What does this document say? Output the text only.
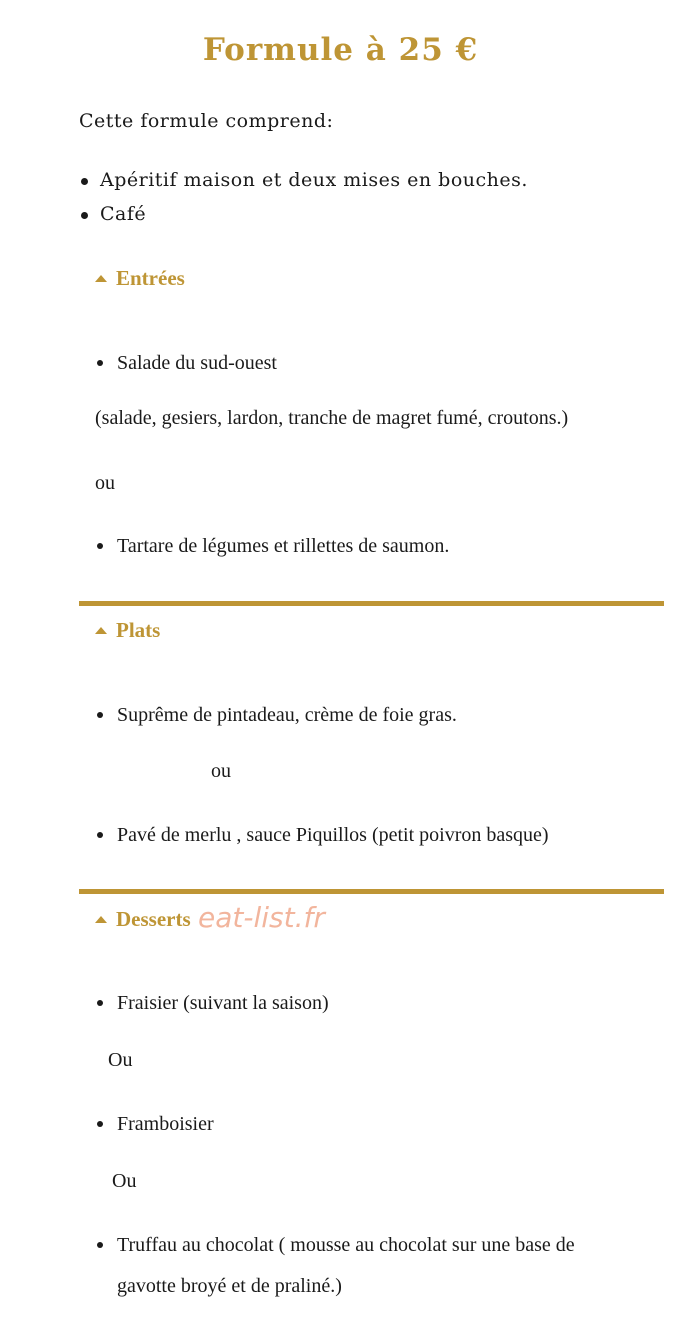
Formule à 25 €
Cette formule comprend:
Apéritif maison et deux mises en bouches.
Café
Entrées
Salade du sud-ouest
(salade, gesiers, lardon, tranche de magret fumé, croutons.)
ou
Tartare de légumes et rillettes de saumon.
Plats
Suprême de pintadeau, crème de foie gras.
ou
Pavé de merlu , sauce Piquillos (petit poivron basque)
Desserts eat-list.fr
Fraisier (suivant la saison)
Ou
Framboisier
Ou
Truffau au chocolat ( mousse au chocolat sur une base de
gavotte broyé et de praliné.)
